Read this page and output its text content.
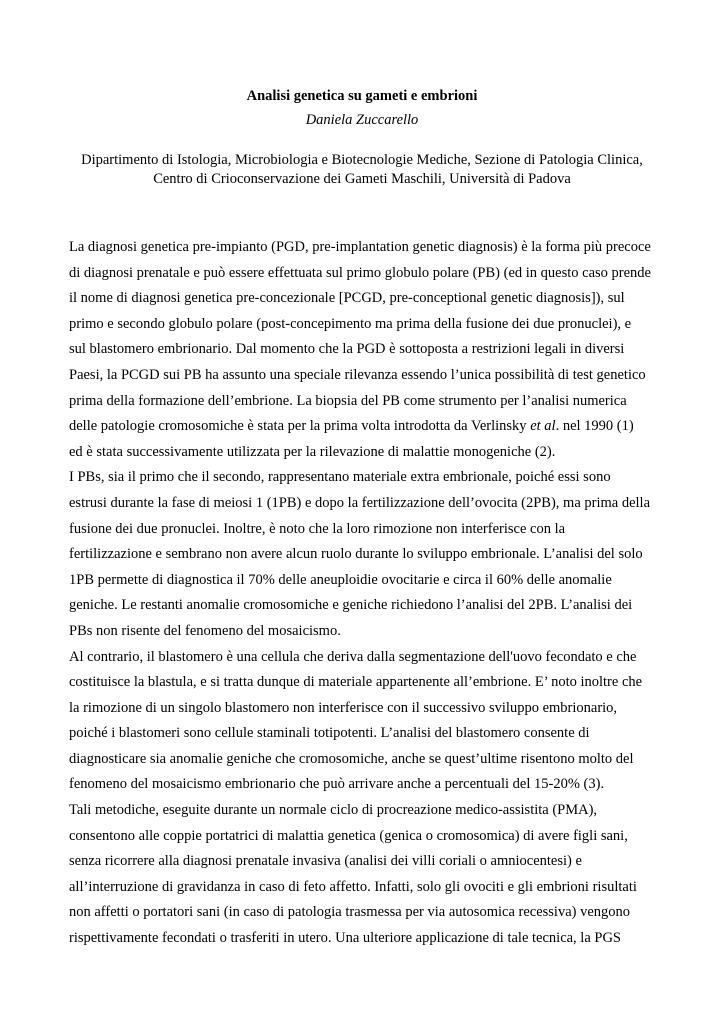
Analisi genetica su gameti e embrioni

Daniela Zuccarello

Dipartimento di Istologia, Microbiologia e Biotecnologie Mediche, Sezione di Patologia Clinica,
Centro di Crioconservazione dei Gameti Maschili, Università di Padova

La diagnosi genetica pre-impianto (PGD, pre-implantation genetic diagnosis) è la forma più precoce
di diagnosi prenatale e può essere effettuata sul primo globulo polare (PB) (ed in questo caso prende
il nome di diagnosi genetica pre-concezionale [PCGD, pre-conceptional genetic diagnosis]), sul
primo e secondo globulo polare (post-concepimento ma prima della fusione dei due pronuclei), e
sul blastomero embrionario. Dal momento che la PGD è sottoposta a restrizioni legali in diversi
Paesi, la PCGD sui PB ha assunto una speciale rilevanza essendo l’unica possibilità di test genetico
prima della formazione dell’embrione. La biopsia del PB come strumento per l’analisi numerica
delle patologie cromosomiche è stata per la prima volta introdotta da Verlinsky et al. nel 1990 (1)
ed è stata successivamente utilizzata per la rilevazione di malattie monogeniche (2).
I PBs, sia il primo che il secondo, rappresentano materiale extra embrionale, poiché essi sono
estrusi durante la fase di meiosi 1 (1PB) e dopo la fertilizzazione dell’ovocita (2PB), ma prima della
fusione dei due pronuclei. Inoltre, è noto che la loro rimozione non interferisce con la
fertilizzazione e sembrano non avere alcun ruolo durante lo sviluppo embrionale. L’analisi del solo
1PB permette di diagnostica il 70% delle aneuploidie ovocitarie e circa il 60% delle anomalie
geniche. Le restanti anomalie cromosomiche e geniche richiedono l’analisi del 2PB. L’analisi dei
PBs non risente del fenomeno del mosaicismo.
Al contrario, il blastomero è una cellula che deriva dalla segmentazione dell'uovo fecondato e che
costituisce la blastula, e si tratta dunque di materiale appartenente all’embrione. E’ noto inoltre che
la rimozione di un singolo blastomero non interferisce con il successivo sviluppo embrionario,
poiché i blastomeri sono cellule staminali totipotenti. L’analisi del blastomero consente di
diagnosticare sia anomalie geniche che cromosomiche, anche se quest’ultime risentono molto del
fenomeno del mosaicismo embrionario che può arrivare anche a percentuali del 15-20% (3).
Tali metodiche, eseguite durante un normale ciclo di procreazione medico-assistita (PMA),
consentono alle coppie portatrici di malattia genetica (genica o cromosomica) di avere figli sani,
senza ricorrere alla diagnosi prenatale invasiva (analisi dei villi coriali o amniocentesi) e
all’interruzione di gravidanza in caso di feto affetto. Infatti, solo gli ovociti e gli embrioni risultati
non affetti o portatori sani (in caso di patologia trasmessa per via autosomica recessiva) vengono
rispettivamente fecondati o trasferiti in utero. Una ulteriore applicazione di tale tecnica, la PGS
